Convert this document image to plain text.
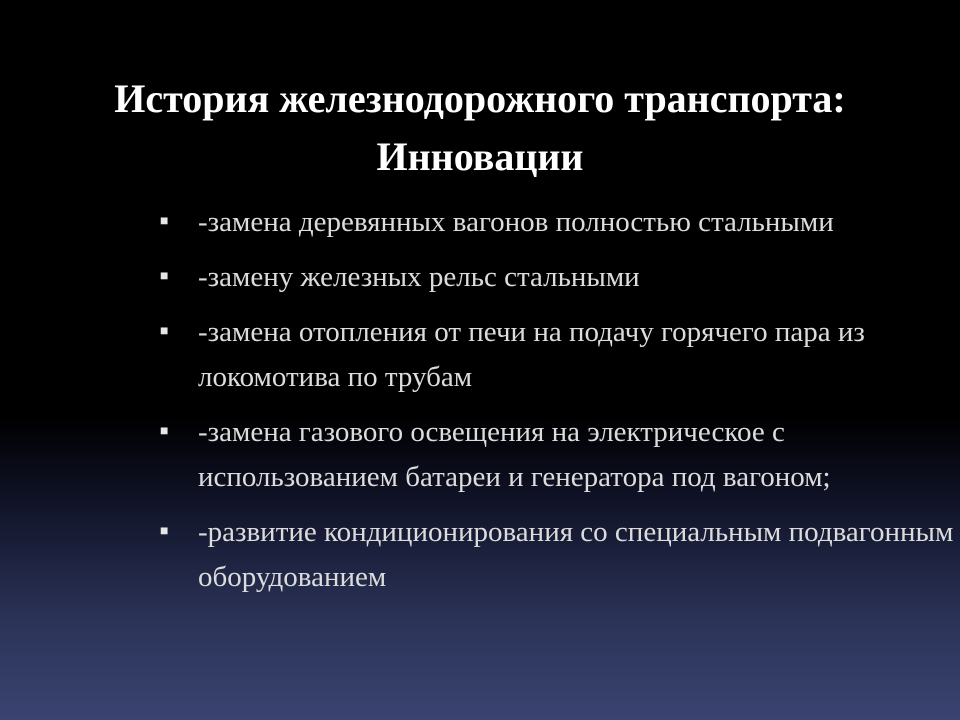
История железнодорожного транспорта:
Инновации
■ -замена деревянных вагонов полностью стальными
■ -замену железных рельс стальными
■ -замена отопления от печи на подачу горячего пара из локомотива по трубам
■ -замена газового освещения на электрическое с использованием батареи и генератора под вагоном;
■ -развитие кондиционирования со специальным подвагонным оборудованием
